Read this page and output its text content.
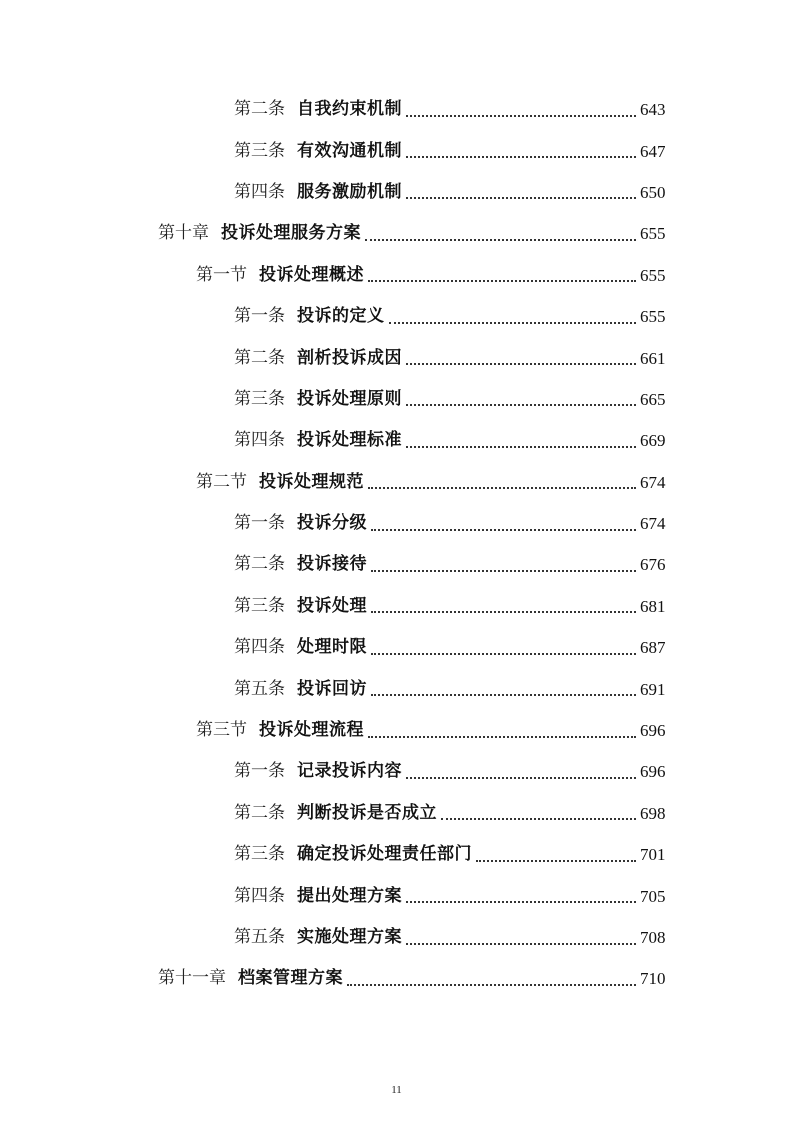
第二条 自我约束机制	643
第三条 有效沟通机制	647
第四条 服务激励机制	650
第十章 投诉处理服务方案	655
第一节 投诉处理概述	655
第一条 投诉的定义	655
第二条 剖析投诉成因	661
第三条 投诉处理原则	665
第四条 投诉处理标准	669
第二节 投诉处理规范	674
第一条 投诉分级	674
第二条 投诉接待	676
第三条 投诉处理	681
第四条 处理时限	687
第五条 投诉回访	691
第三节 投诉处理流程	696
第一条 记录投诉内容	696
第二条 判断投诉是否成立	698
第三条 确定投诉处理责任部门	701
第四条 提出处理方案	705
第五条 实施处理方案	708
第十一章 档案管理方案	710
11
